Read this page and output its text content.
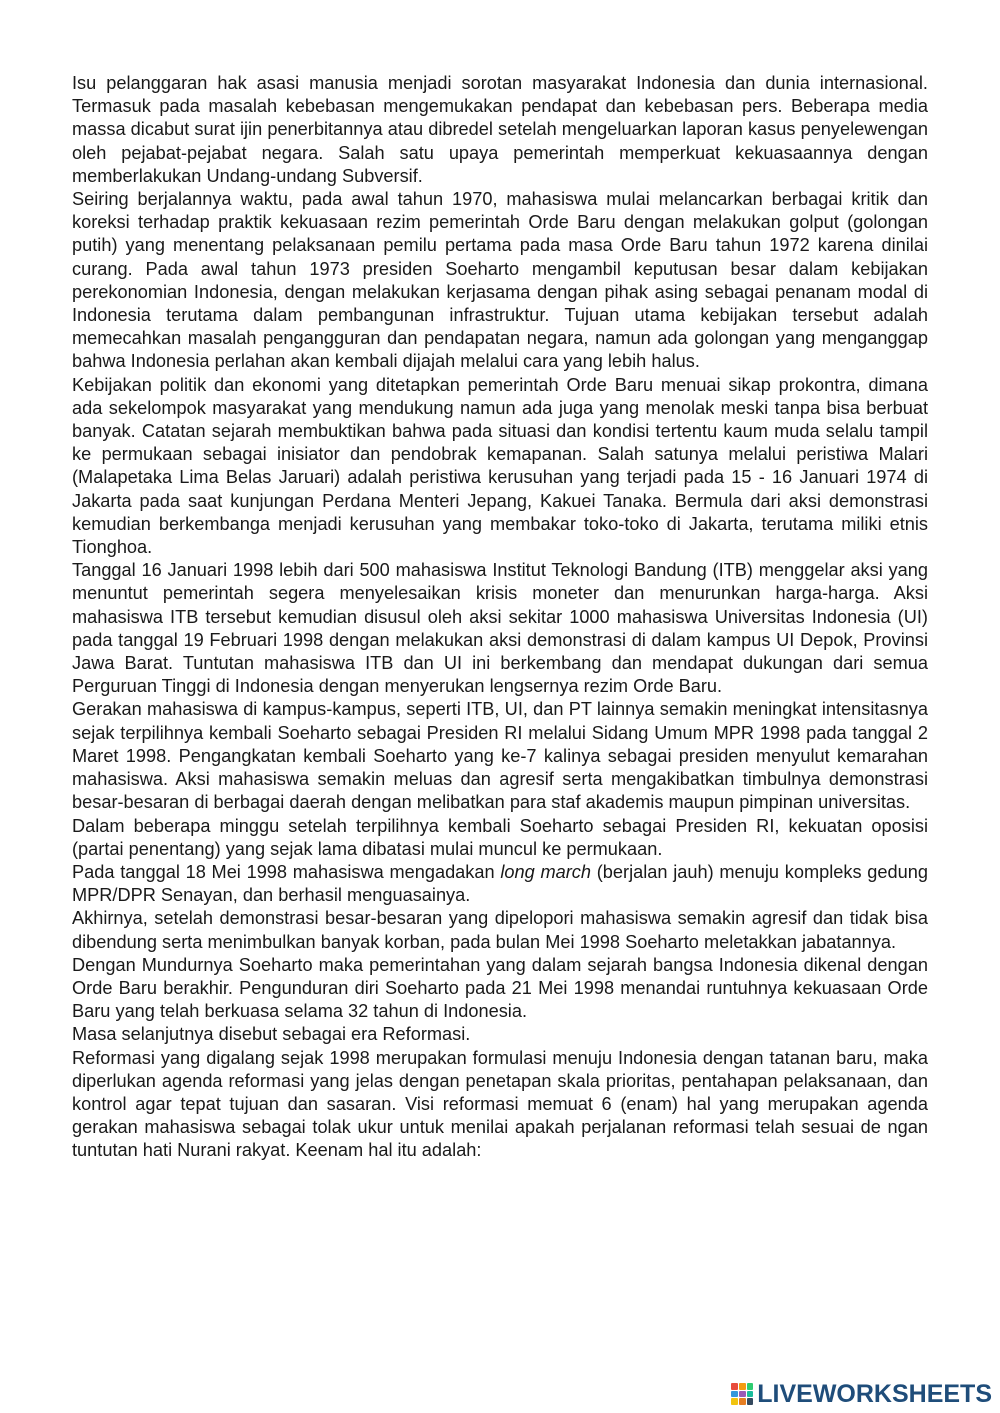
Isu pelanggaran hak asasi manusia menjadi sorotan masyarakat Indonesia dan dunia internasional. Termasuk pada masalah kebebasan mengemukakan pendapat dan kebebasan pers. Beberapa media massa dicabut surat ijin penerbitannya atau dibredel setelah mengeluarkan laporan kasus penyelewengan oleh pejabat-pejabat negara. Salah satu upaya pemerintah memperkuat kekuasaannya dengan memberlakukan Undang-undang Subversif.

Seiring berjalannya waktu, pada awal tahun 1970, mahasiswa mulai melancarkan berbagai kritik dan koreksi terhadap praktik kekuasaan rezim pemerintah Orde Baru dengan melakukan golput (golongan putih) yang menentang pelaksanaan pemilu pertama pada masa Orde Baru tahun 1972 karena dinilai curang. Pada awal tahun 1973 presiden Soeharto mengambil keputusan besar dalam kebijakan perekonomian Indonesia, dengan melakukan kerjasama dengan pihak asing sebagai penanam modal di Indonesia terutama dalam pembangunan infrastruktur. Tujuan utama kebijakan tersebut adalah memecahkan masalah pengangguran dan pendapatan negara, namun ada golongan yang menganggap bahwa Indonesia perlahan akan kembali dijajah melalui cara yang lebih halus.

Kebijakan politik dan ekonomi yang ditetapkan pemerintah Orde Baru menuai sikap prokontra, dimana ada sekelompok masyarakat yang mendukung namun ada juga yang menolak meski tanpa bisa berbuat banyak. Catatan sejarah membuktikan bahwa pada situasi dan kondisi tertentu kaum muda selalu tampil ke permukaan sebagai inisiator dan pendobrak kemapanan. Salah satunya melalui peristiwa Malari (Malapetaka Lima Belas Jaruari) adalah peristiwa kerusuhan yang terjadi pada 15 - 16 Januari 1974 di Jakarta pada saat kunjungan Perdana Menteri Jepang, Kakuei Tanaka. Bermula dari aksi demonstrasi kemudian berkembanga menjadi kerusuhan yang membakar toko-toko di Jakarta, terutama miliki etnis Tionghoa.

Tanggal 16 Januari 1998 lebih dari 500 mahasiswa Institut Teknologi Bandung (ITB) menggelar aksi yang menuntut pemerintah segera menyelesaikan krisis moneter dan menurunkan harga-harga. Aksi mahasiswa ITB tersebut kemudian disusul oleh aksi sekitar 1000 mahasiswa Universitas Indonesia (UI) pada tanggal 19 Februari 1998 dengan melakukan aksi demonstrasi di dalam kampus UI Depok, Provinsi Jawa Barat. Tuntutan mahasiswa ITB dan UI ini berkembang dan mendapat dukungan dari semua Perguruan Tinggi di Indonesia dengan menyerukan lengsernya rezim Orde Baru.

Gerakan mahasiswa di kampus-kampus, seperti ITB, UI, dan PT lainnya semakin meningkat intensitasnya sejak terpilihnya kembali Soeharto sebagai Presiden RI melalui Sidang Umum MPR 1998 pada tanggal 2 Maret 1998. Pengangkatan kembali Soeharto yang ke-7 kalinya sebagai presiden menyulut kemarahan mahasiswa. Aksi mahasiswa semakin meluas dan agresif serta mengakibatkan timbulnya demonstrasi besar-besaran di berbagai daerah dengan melibatkan para staf akademis maupun pimpinan universitas.

Dalam beberapa minggu setelah terpilihnya kembali Soeharto sebagai Presiden RI, kekuatan oposisi (partai penentang) yang sejak lama dibatasi mulai muncul ke permukaan.

Pada tanggal 18 Mei 1998 mahasiswa mengadakan long march (berjalan jauh) menuju kompleks gedung MPR/DPR Senayan, dan berhasil menguasainya.

Akhirnya, setelah demonstrasi besar-besaran yang dipelopori mahasiswa semakin agresif dan tidak bisa dibendung serta menimbulkan banyak korban, pada bulan Mei 1998 Soeharto meletakkan jabatannya.

Dengan Mundurnya Soeharto maka pemerintahan yang dalam sejarah bangsa Indonesia dikenal dengan Orde Baru berakhir. Pengunduran diri Soeharto pada 21 Mei 1998 menandai runtuhnya kekuasaan Orde Baru yang telah berkuasa selama 32 tahun di Indonesia.

Masa selanjutnya disebut sebagai era Reformasi.

Reformasi yang digalang sejak 1998 merupakan formulasi menuju Indonesia dengan tatanan baru, maka diperlukan agenda reformasi yang jelas dengan penetapan skala prioritas, pentahapan pelaksanaan, dan kontrol agar tepat tujuan dan sasaran. Visi reformasi memuat 6 (enam) hal yang merupakan agenda gerakan mahasiswa sebagai tolak ukur untuk menilai apakah perjalanan reformasi telah sesuai de ngan tuntutan hati Nurani rakyat. Keenam hal itu adalah:

LIVEWORKSHEETS
